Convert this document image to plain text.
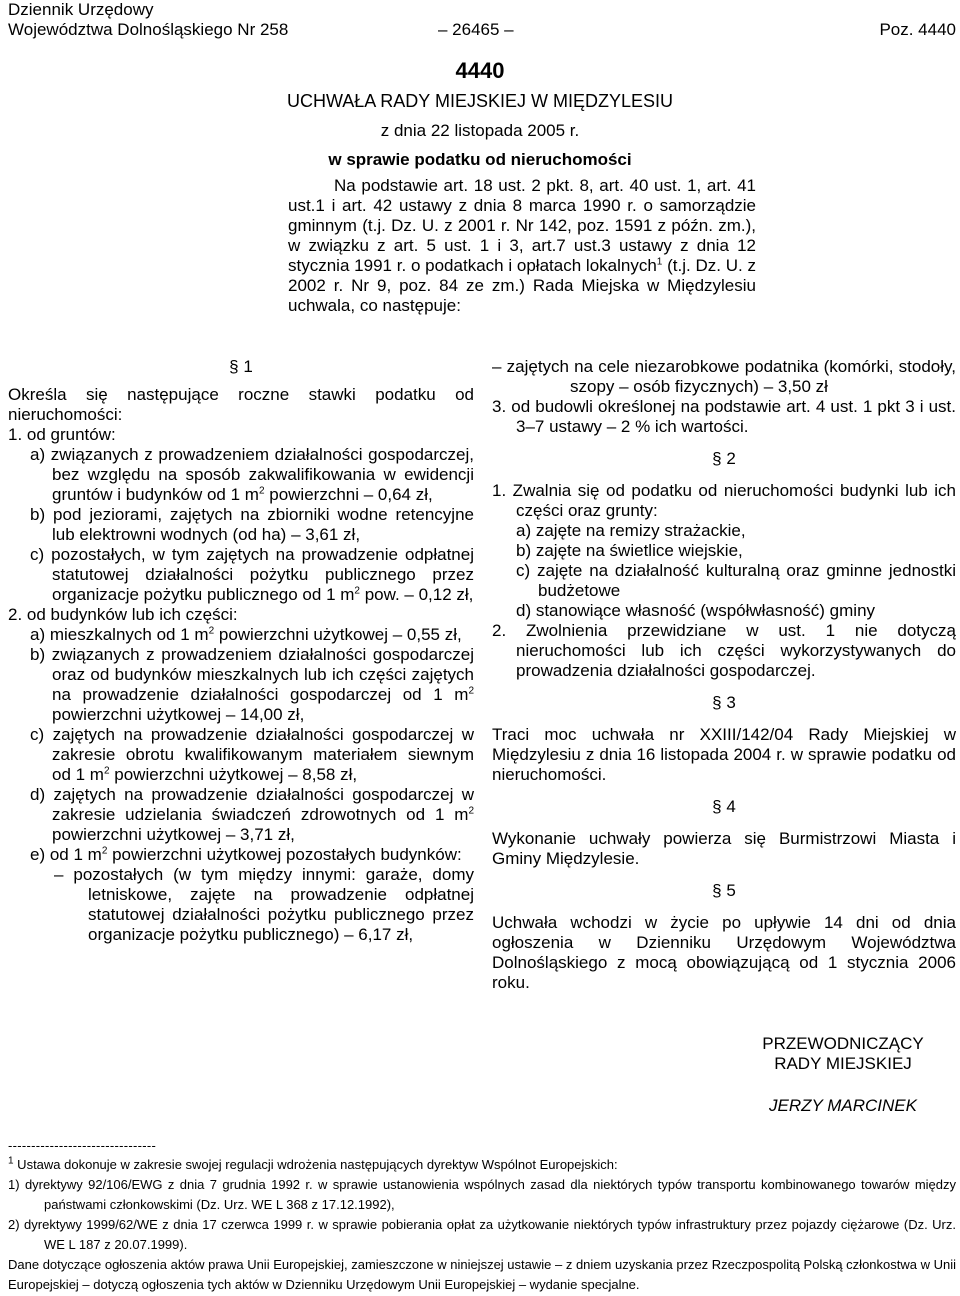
Dziennik Urzędowy
Województwa Dolnośląskiego Nr 258	Poz. 4440
– 26465 –
4440
UCHWAŁA RADY MIEJSKIEJ W MIĘDZYLESIU
z dnia 22 listopada 2005 r.
w sprawie podatku od nieruchomości

Na podstawie art. 18 ust. 2 pkt. 8, art. 40 ust. 1, art. 41 ust.1 i art. 42 ustawy z dnia 8 marca 1990 r. o samorządzie gminnym (t.j. Dz. U. z 2001 r. Nr 142, poz. 1591 z późn. zm.), w związku z art. 5 ust. 1 i 3, art.7 ust.3 ustawy z dnia 12 stycznia 1991 r. o podatkach i opłatach lokalnych$^1$ (t.j. Dz. U. z 2002 r. Nr 9, poz. 84 ze zm.) Rada Miejska w Międzylesiu uchwala, co następuje:

§ 1

Określa się następujące roczne stawki podatku od nieruchomości:

1. od gruntów:

a) związanych z prowadzeniem działalności gospodarczej, bez względu na sposób zakwalifikowania w ewidencji gruntów i budynków od 1 $m^2$ powierzchni – 0,64 zł,

b) pod jeziorami, zajętych na zbiorniki wodne retencyjne lub elektrowni wodnych (od ha) – 3,61 zł,

c) pozostałych, w tym zajętych na prowadzenie odpłatnej statutowej działalności pożytku publicznego przez organizacje pożytku publicznego od 1 $m^2$ pow. – 0,12 zł,

2. od budynków lub ich części:

a) mieszkalnych od 1 $m^2$ powierzchni użytkowej – 0,55 zł,

b) związanych z prowadzeniem działalności gospodarczej oraz od budynków mieszkalnych lub ich części zajętych na prowadzenie działalności gospodarczej od 1 $m^2$ powierzchni użytkowej – 14,00 zł,

c) zajętych na prowadzenie działalności gospodarczej w zakresie obrotu kwalifikowanym materiałem siewnym od 1 $m^2$ powierzchni użytkowej – 8,58 zł,

d) zajętych na prowadzenie działalności gospodarczej w zakresie udzielania świadczeń zdrowotnych od 1 $m^2$ powierzchni użytkowej – 3,71 zł,

e) od 1 $m^2$ powierzchni użytkowej pozostałych budynków:

– pozostałych (w tym między innymi: garaże, domy letniskowe, zajęte na prowadzenie odpłatnej statutowej działalności pożytku publicznego przez organizacje pożytku publicznego) – 6,17 zł,

– zajętych na cele niezarobkowe podatnika (komórki, stodoły, szopy – osób fizycznych) – 3,50 zł

3. od budowli określonej na podstawie art. 4 ust. 1 pkt 3 i ust. 3–7 ustawy – 2 % ich wartości.

§ 2

1. Zwalnia się od podatku od nieruchomości budynki lub ich części oraz grunty:

a) zajęte na remizy strażackie,

b) zajęte na świetlice wiejskie,

c) zajęte na działalność kulturalną oraz gminne jednostki budżetowe

d) stanowiące własność (współwłasność) gminy

2. Zwolnienia przewidziane w ust. 1 nie dotyczą nieruchomości lub ich części wykorzystywanych do prowadzenia działalności gospodarczej.

§ 3

Traci moc uchwała nr XXIII/142/04 Rady Miejskiej w Międzylesiu z dnia 16 listopada 2004 r. w sprawie podatku od nieruchomości.

§ 4

Wykonanie uchwały powierza się Burmistrzowi Miasta i Gminy Międzylesie.

§ 5

Uchwała wchodzi w życie po upływie 14 dni od dnia ogłoszenia w Dzienniku Urzędowym Województwa Dolnośląskiego z mocą obowiązującą od 1 stycznia 2006 roku.

PRZEWODNICZĄCY
RADY MIEJSKIEJ
JERZY MARCINEK
--------------------------------

$^1$ Ustawa dokonuje w zakresie swojej regulacji wdrożenia następujących dyrektyw Wspólnot Europejskich:

1) dyrektywy 92/106/EWG z dnia 7 grudnia 1992 r. w sprawie ustanowienia wspólnych zasad dla niektórych typów transportu kombinowanego towarów między państwami członkowskimi (Dz. Urz. WE L 368 z 17.12.1992),

2) dyrektywy 1999/62/WE z dnia 17 czerwca 1999 r. w sprawie pobierania opłat za użytkowanie niektórych typów infrastruktury przez pojazdy ciężarowe (Dz. Urz. WE L 187 z 20.07.1999).

Dane dotyczące ogłoszenia aktów prawa Unii Europejskiej, zamieszczone w niniejszej ustawie – z dniem uzyskania przez Rzeczpospolitą Polską członkostwa w Unii Europejskiej – dotyczą ogłoszenia tych aktów w Dzienniku Urzędowym Unii Europejskiej – wydanie specjalne.
